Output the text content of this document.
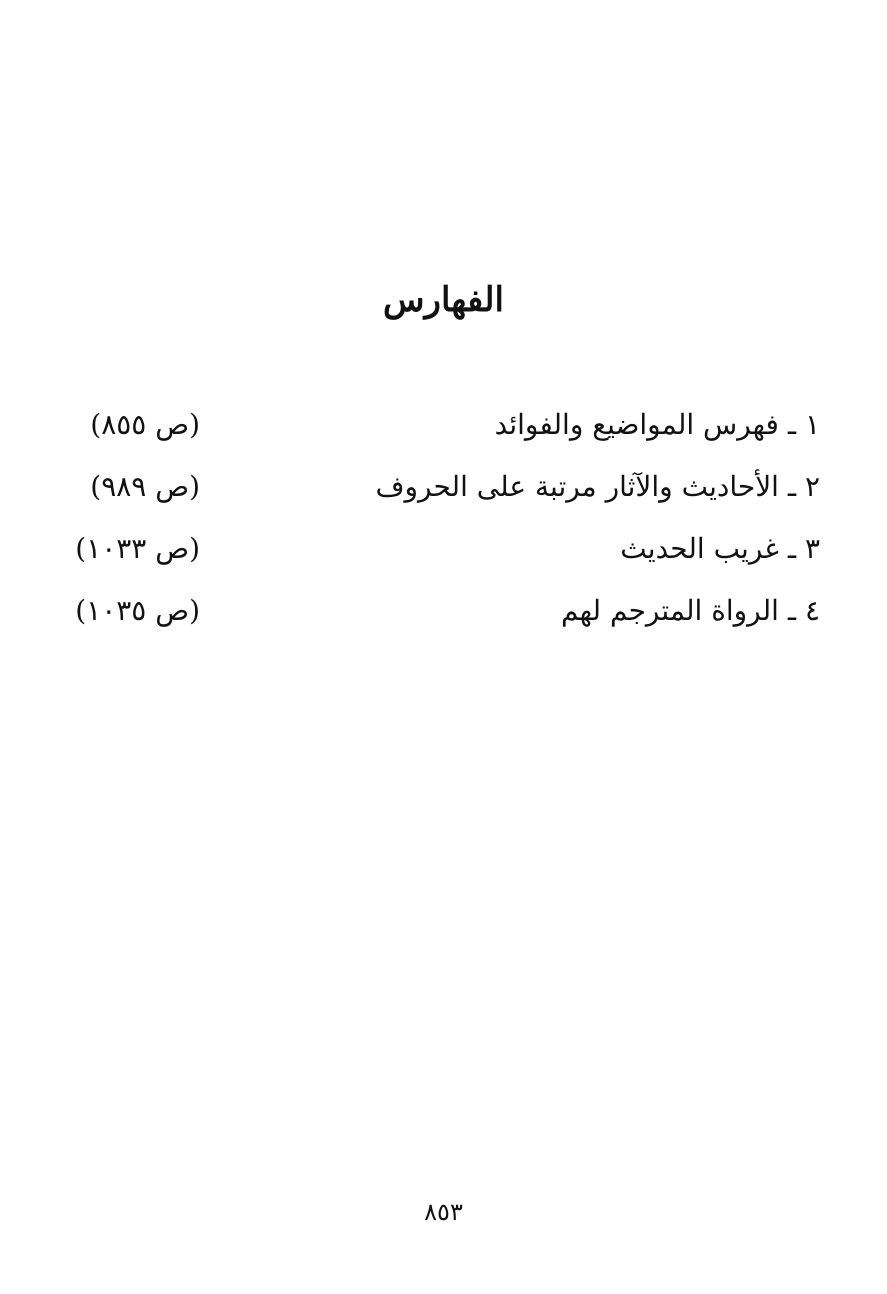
الفهارس
١ ـ فهرس المواضيع والفوائد
(ص ٨٥٥)
٢ ـ الأحاديث والآثار مرتبة على الحروف
(ص ٩٨٩)
٣ ـ غريب الحديث
(ص ١٠٣٣)
٤ ـ الرواة المترجم لهم
(ص ١٠٣٥)
٨٥٣
